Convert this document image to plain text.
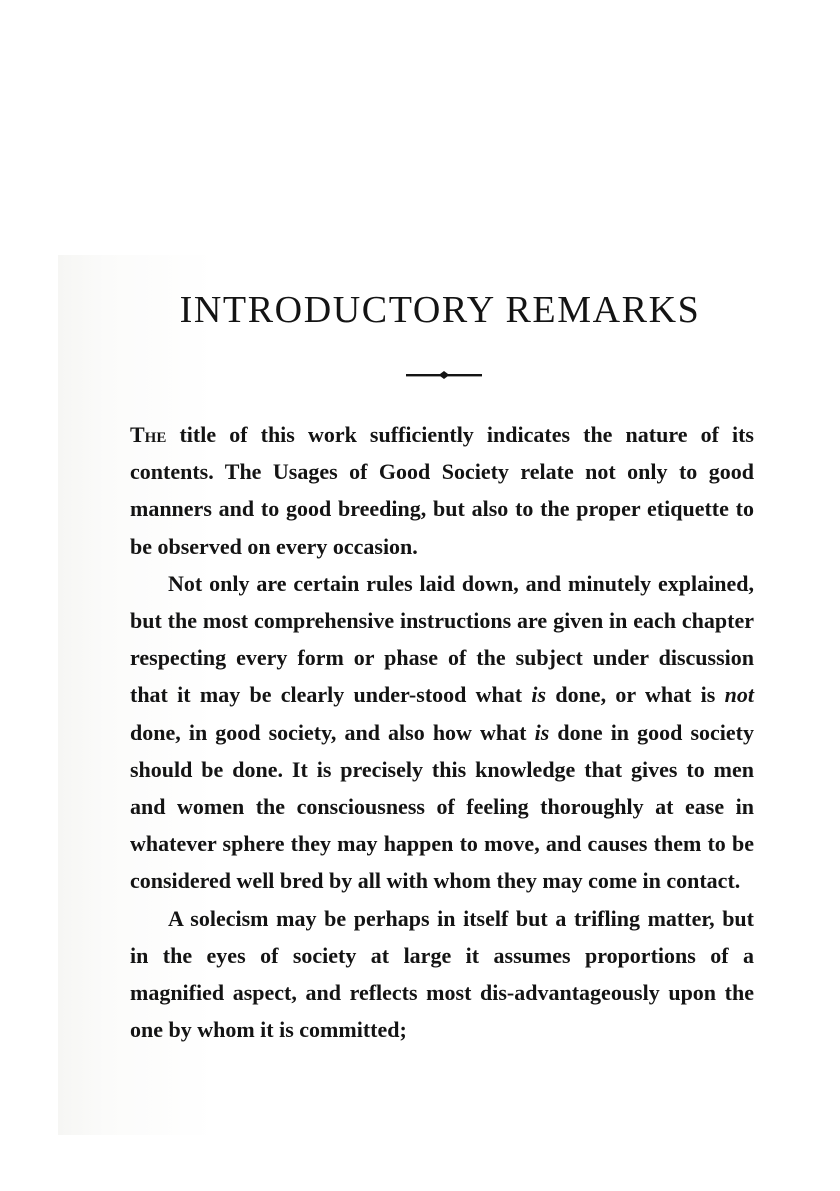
INTRODUCTORY REMARKS

The title of this work sufficiently indicates the nature of its contents. The Usages of Good Society relate not only to good manners and to good breeding, but also to the proper etiquette to be observed on every occasion.

Not only are certain rules laid down, and minutely explained, but the most comprehensive instructions are given in each chapter respecting every form or phase of the subject under discussion that it may be clearly under-stood what is done, or what is not done, in good society, and also how what is done in good society should be done. It is precisely this knowledge that gives to men and women the consciousness of feeling thoroughly at ease in whatever sphere they may happen to move, and causes them to be considered well bred by all with whom they may come in contact.

A solecism may be perhaps in itself but a trifling matter, but in the eyes of society at large it assumes proportions of a magnified aspect, and reflects most dis-advantageously upon the one by whom it is committed;
